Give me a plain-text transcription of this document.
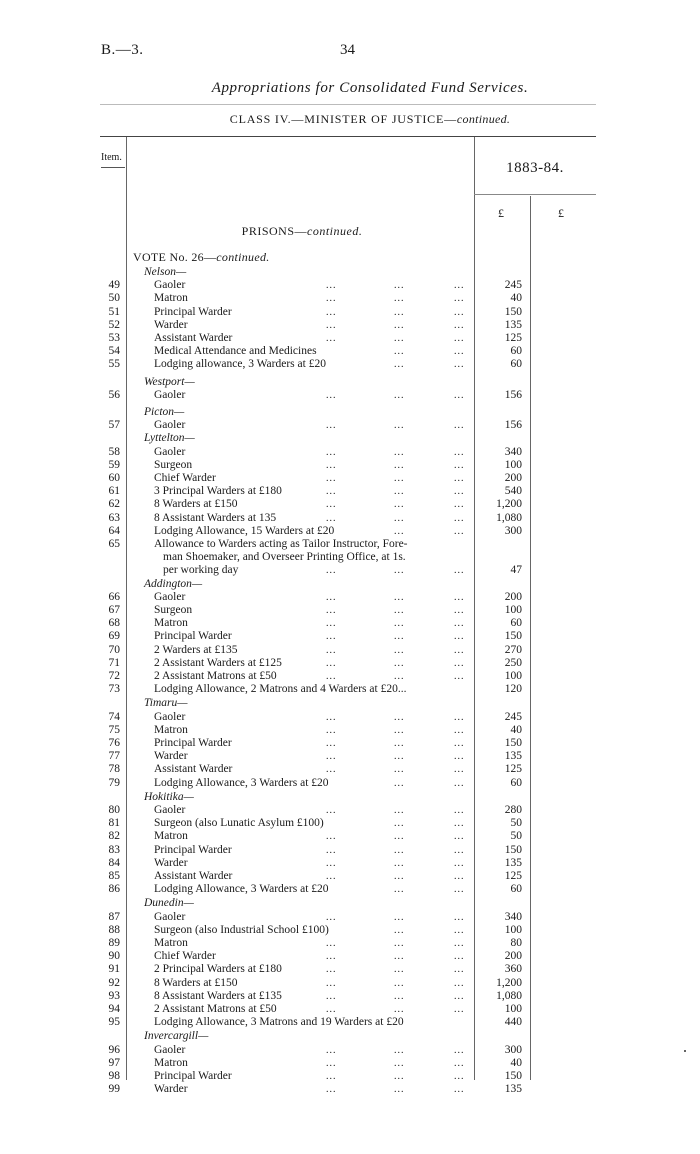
B.—3.	34
Appropriations for Consolidated Fund Services.
CLASS IV.—MINISTER OF JUSTICE—continued.
Item.
1883-84.
£	£
PRISONS—continued.
VOTE No. 26—continued.
Nelson—
49	Gaoler	...	...	...	245
50	Matron	...	...	...	40
51	Principal Warder	...	...	...	150
52	Warder	...	...	...	135
53	Assistant Warder	...	...	...	125
54	Medical Attendance and Medicines	...	...	60
55	Lodging allowance, 3 Warders at £20	...	...	60
Westport—
56	Gaoler	...	...	...	156
Picton—
57	Gaoler	...	...	...	156
Lyttelton—
58	Gaoler	...	...	...	340
59	Surgeon	...	...	...	100
60	Chief Warder	...	...	...	200
61	3 Principal Warders at £180	...	...	...	540
62	8 Warders at £150	...	...	...	1,200
63	8 Assistant Warders at 135	...	...	...	1,080
64	Lodging Allowance, 15 Warders at £20	...	...	300
65	Allowance to Warders acting as Tailor Instructor, Fore-
man Shoemaker, and Overseer Printing Office, at 1s.
per working day	...	...	...	47
Addington—
66	Gaoler	...	...	...	200
67	Surgeon	...	...	...	100
68	Matron	...	...	...	60
69	Principal Warder	...	...	...	150
70	2 Warders at £135	...	...	...	270
71	2 Assistant Warders at £125	...	...	...	250
72	2 Assistant Matrons at £50	...	...	...	100
73	Lodging Allowance, 2 Matrons and 4 Warders at £20...	120
Timaru—
74	Gaoler	...	...	...	245
75	Matron	...	...	...	40
76	Principal Warder	...	...	...	150
77	Warder	...	...	...	135
78	Assistant Warder	...	...	...	125
79	Lodging Allowance, 3 Warders at £20	...	...	60
Hokitika—
80	Gaoler	...	...	...	280
81	Surgeon (also Lunatic Asylum £100)	...	...	50
82	Matron	...	...	...	50
83	Principal Warder	...	...	...	150
84	Warder	...	...	...	135
85	Assistant Warder	...	...	...	125
86	Lodging Allowance, 3 Warders at £20	...	...	60
Dunedin—
87	Gaoler	...	...	...	340
88	Surgeon (also Industrial School £100)	...	...	100
89	Matron	...	...	...	80
90	Chief Warder	...	...	...	200
91	2 Principal Warders at £180	...	...	...	360
92	8 Warders at £150	...	...	...	1,200
93	8 Assistant Warders at £135	...	...	...	1,080
94	2 Assistant Matrons at £50	...	...	...	100
95	Lodging Allowance, 3 Matrons and 19 Warders at £20	440
Invercargill—
96	Gaoler	...	...	...	300
97	Matron	...	...	...	40
98	Principal Warder	...	...	...	150
99	Warder	...	...	...	135
